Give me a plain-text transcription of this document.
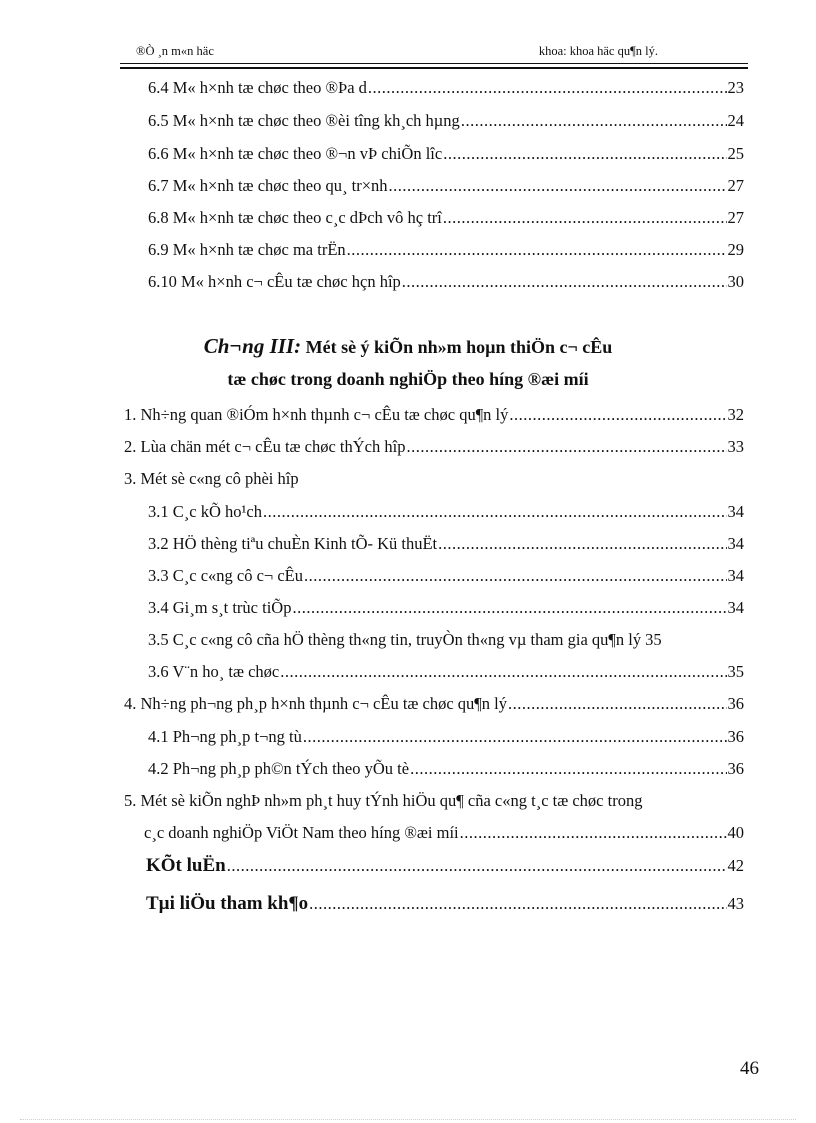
®Ò ¸n m«n häc	khoa: khoa häc qu¶n lý.
6.4 M« h×nh tæ chøc theo ®Þa d .....	23
6.5 M« h×nh tæ chøc theo ®èi tîng kh¸ch hµng .....	24
6.6 M« h×nh tæ chøc theo ®¬n vÞ chiÕn lîc .....	25
6.7 M« h×nh tæ chøc theo qu¸ tr×nh .....	27
6.8 M« h×nh tæ chøc theo c¸c dÞch vô hç trî .....	27
6.9 M« h×nh tæ chøc ma trËn .....	29
6.10 M« h×nh c¬ cÊu tæ chøc hçn hîp .....	30
Ch¬ng III: Mét sè ý kiÕn nh»m hoµn thiÖn c¬ cÊu
tæ chøc trong doanh nghiÖp theo híng ®æi míi
1. Nh÷ng quan ®iÓm h×nh thµnh c¬ cÊu tæ chøc qu¶n lý .....	32
2. Lùa chän mét c¬ cÊu tæ chøc thÝch hîp .....	33
3. Mét sè c«ng cô phèi hîp
3.1 C¸c kÕ ho¹ch .....	34
3.2 HÖ thèng tiªu chuÈn Kinh tÕ- Kü thuËt .....	34
3.3 C¸c c«ng cô c¬ cÊu .....	34
3.4 Gi¸m s¸t trùc tiÕp .....	34
3.5 C¸c c«ng cô cña hÖ thèng th«ng tin, truyÒn th«ng vµ tham gia qu¶n lý 35
3.6 V¨n ho¸ tæ chøc .....	35
4. Nh÷ng ph¬ng ph¸p h×nh thµnh c¬ cÊu tæ chøc qu¶n lý .....	36
4.1 Ph¬ng ph¸p t¬ng tù .....	36
4.2 Ph¬ng ph¸p ph©n tÝch theo yÕu tè .....	36
5. Mét sè kiÕn nghÞ nh»m ph¸t huy tÝnh hiÖu qu¶ cña c«ng t¸c tæ chøc trong
c¸c doanh nghiÖp ViÖt Nam theo híng ®æi míi .....	40
KÕt luËn .....	42
Tµi liÖu tham kh¶o .....	43
46
